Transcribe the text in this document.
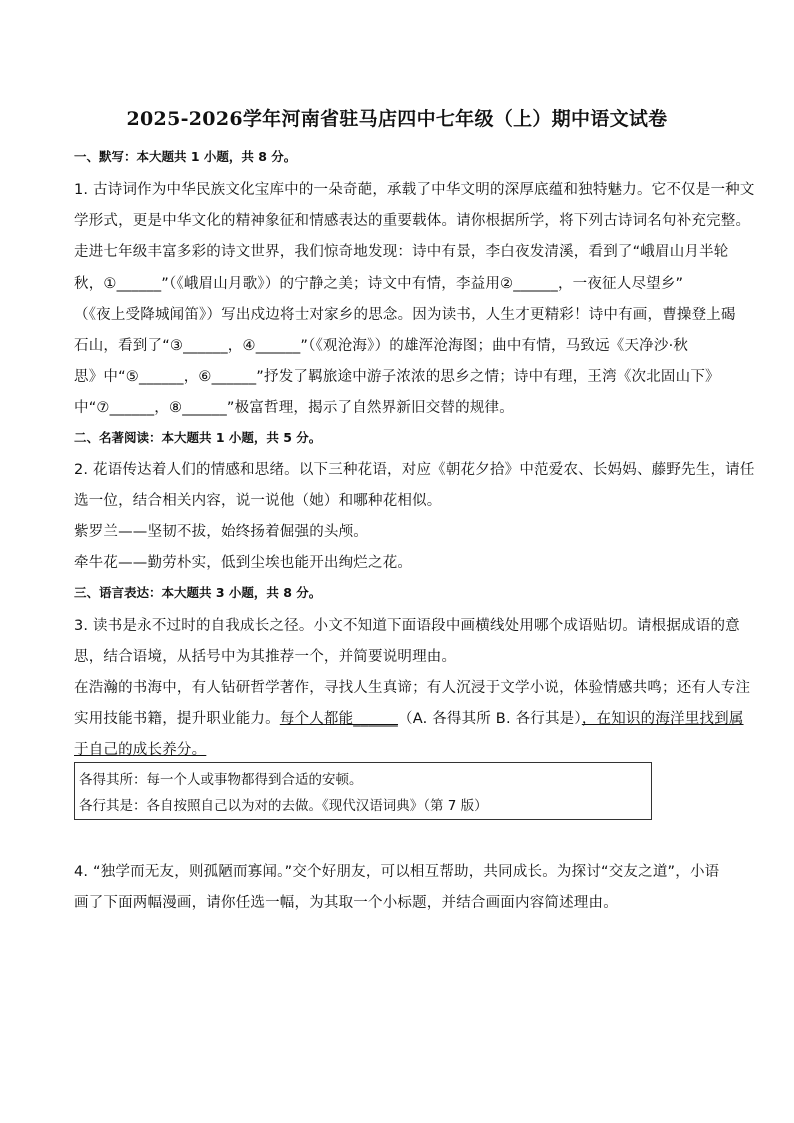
2025-2026学年河南省驻马店四中七年级（上）期中语文试卷
一、默写：本大题共 1 小题，共 8 分。
1. 古诗词作为中华民族文化宝库中的一朵奇葩，承载了中华文明的深厚底蕴和独特魅力。它不仅是一种文
学形式，更是中华文化的精神象征和情感表达的重要载体。请你根据所学，将下列古诗词名句补充完整。
走进七年级丰富多彩的诗文世界，我们惊奇地发现：诗中有景，李白夜发清溪，看到了“峨眉山月半轮
秋，①______”（《峨眉山月歌》）的宁静之美；诗文中有情，李益用②______，一夜征人尽望乡”
（《夜上受降城闻笛》）写出戍边将士对家乡的思念。因为读书，人生才更精彩！诗中有画，曹操登上碣
石山，看到了“③______，④______”（《观沧海》）的雄浑沧海图；曲中有情，马致远《天净沙·秋
思》中“⑤______，⑥______”抒发了羁旅途中游子浓浓的思乡之情；诗中有理，王湾《次北固山下》
中“⑦______，⑧______”极富哲理，揭示了自然界新旧交替的规律。
二、名著阅读：本大题共 1 小题，共 5 分。
2. 花语传达着人们的情感和思绪。以下三种花语，对应《朝花夕拾》中范爱农、长妈妈、藤野先生，请任
选一位，结合相关内容，说一说他（她）和哪种花相似。
紫罗兰——坚韧不拔，始终扬着倔强的头颅。
牵牛花——勤劳朴实，低到尘埃也能开出绚烂之花。
三、语言表达：本大题共 3 小题，共 8 分。
3. 读书是永不过时的自我成长之径。小文不知道下面语段中画横线处用哪个成语贴切。请根据成语的意
思，结合语境，从括号中为其推荐一个，并简要说明理由。
在浩瀚的书海中，有人钻研哲学著作，寻找人生真谛；有人沉浸于文学小说，体验情感共鸣；还有人专注
实用技能书籍，提升职业能力。每个人都能______（A. 各得其所 B. 各行其是），在知识的海洋里找到属
于自己的成长养分。
各得其所：每一个人或事物都得到合适的安顿。
各行其是：各自按照自己以为对的去做。《现代汉语词典》（第 7 版）
4. “独学而无友，则孤陋而寡闻。”交个好朋友，可以相互帮助，共同成长。为探讨“交友之道”，小语
画了下面两幅漫画，请你任选一幅，为其取一个小标题，并结合画面内容简述理由。
